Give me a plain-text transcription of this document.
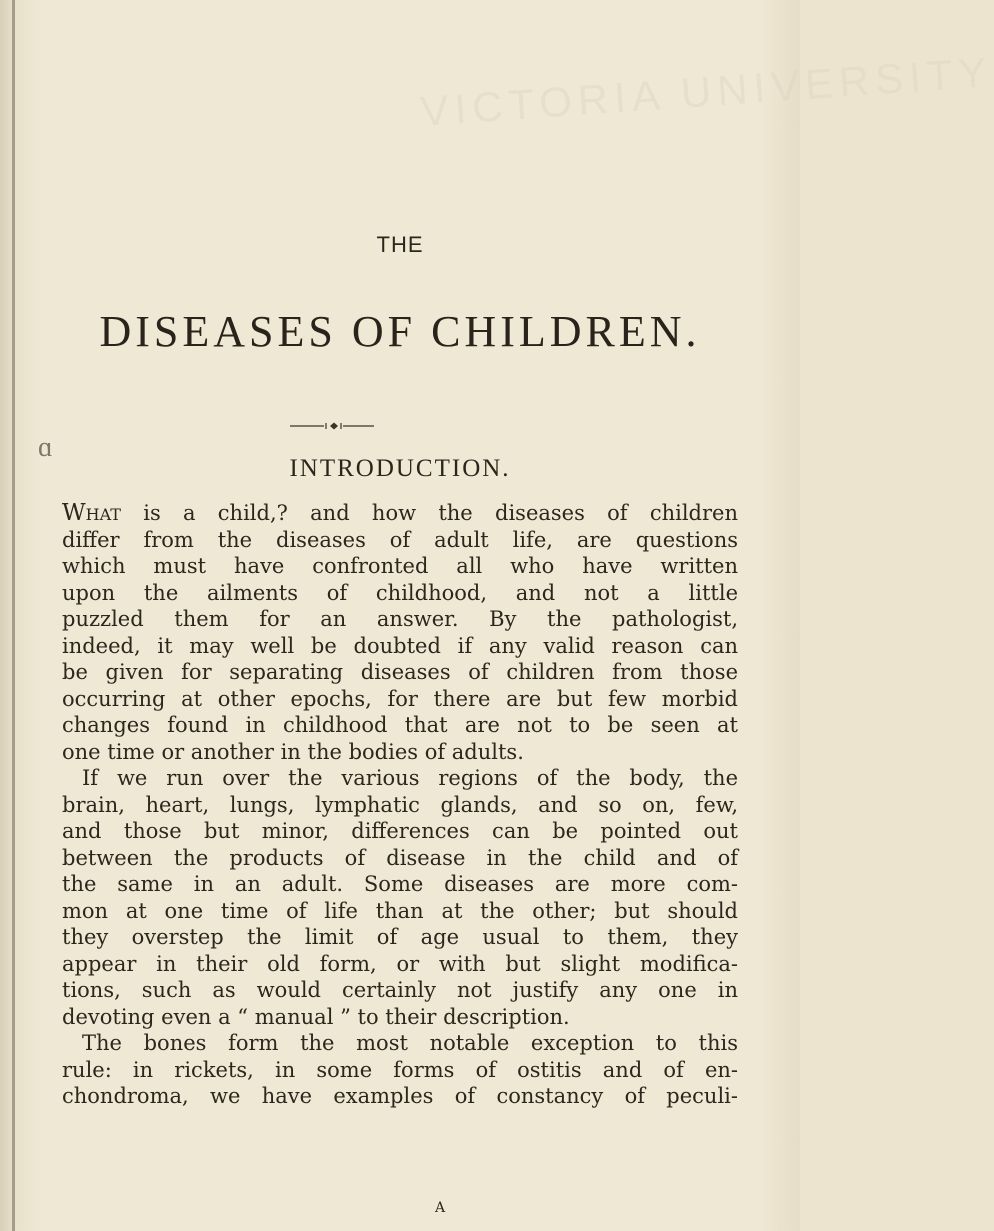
VICTORIA UNIVERSITY
THE
DISEASES OF CHILDREN.
ɑ
INTRODUCTION.
What is a child,? and how the diseases of children
differ from the diseases of adult life, are questions
which must have confronted all who have written
upon the ailments of childhood, and not a little
puzzled them for an answer. By the pathologist,
indeed, it may well be doubted if any valid reason can
be given for separating diseases of children from those
occurring at other epochs, for there are but few morbid
changes found in childhood that are not to be seen at
one time or another in the bodies of adults.
If we run over the various regions of the body, the
brain, heart, lungs, lymphatic glands, and so on, few,
and those but minor, differences can be pointed out
between the products of disease in the child and of
the same in an adult. Some diseases are more com-
mon at one time of life than at the other; but should
they overstep the limit of age usual to them, they
appear in their old form, or with but slight modifica-
tions, such as would certainly not justify any one in
devoting even a “ manual ” to their description.
The bones form the most notable exception to this
rule: in rickets, in some forms of ostitis and of en-
chondroma, we have examples of constancy of peculi-
A
